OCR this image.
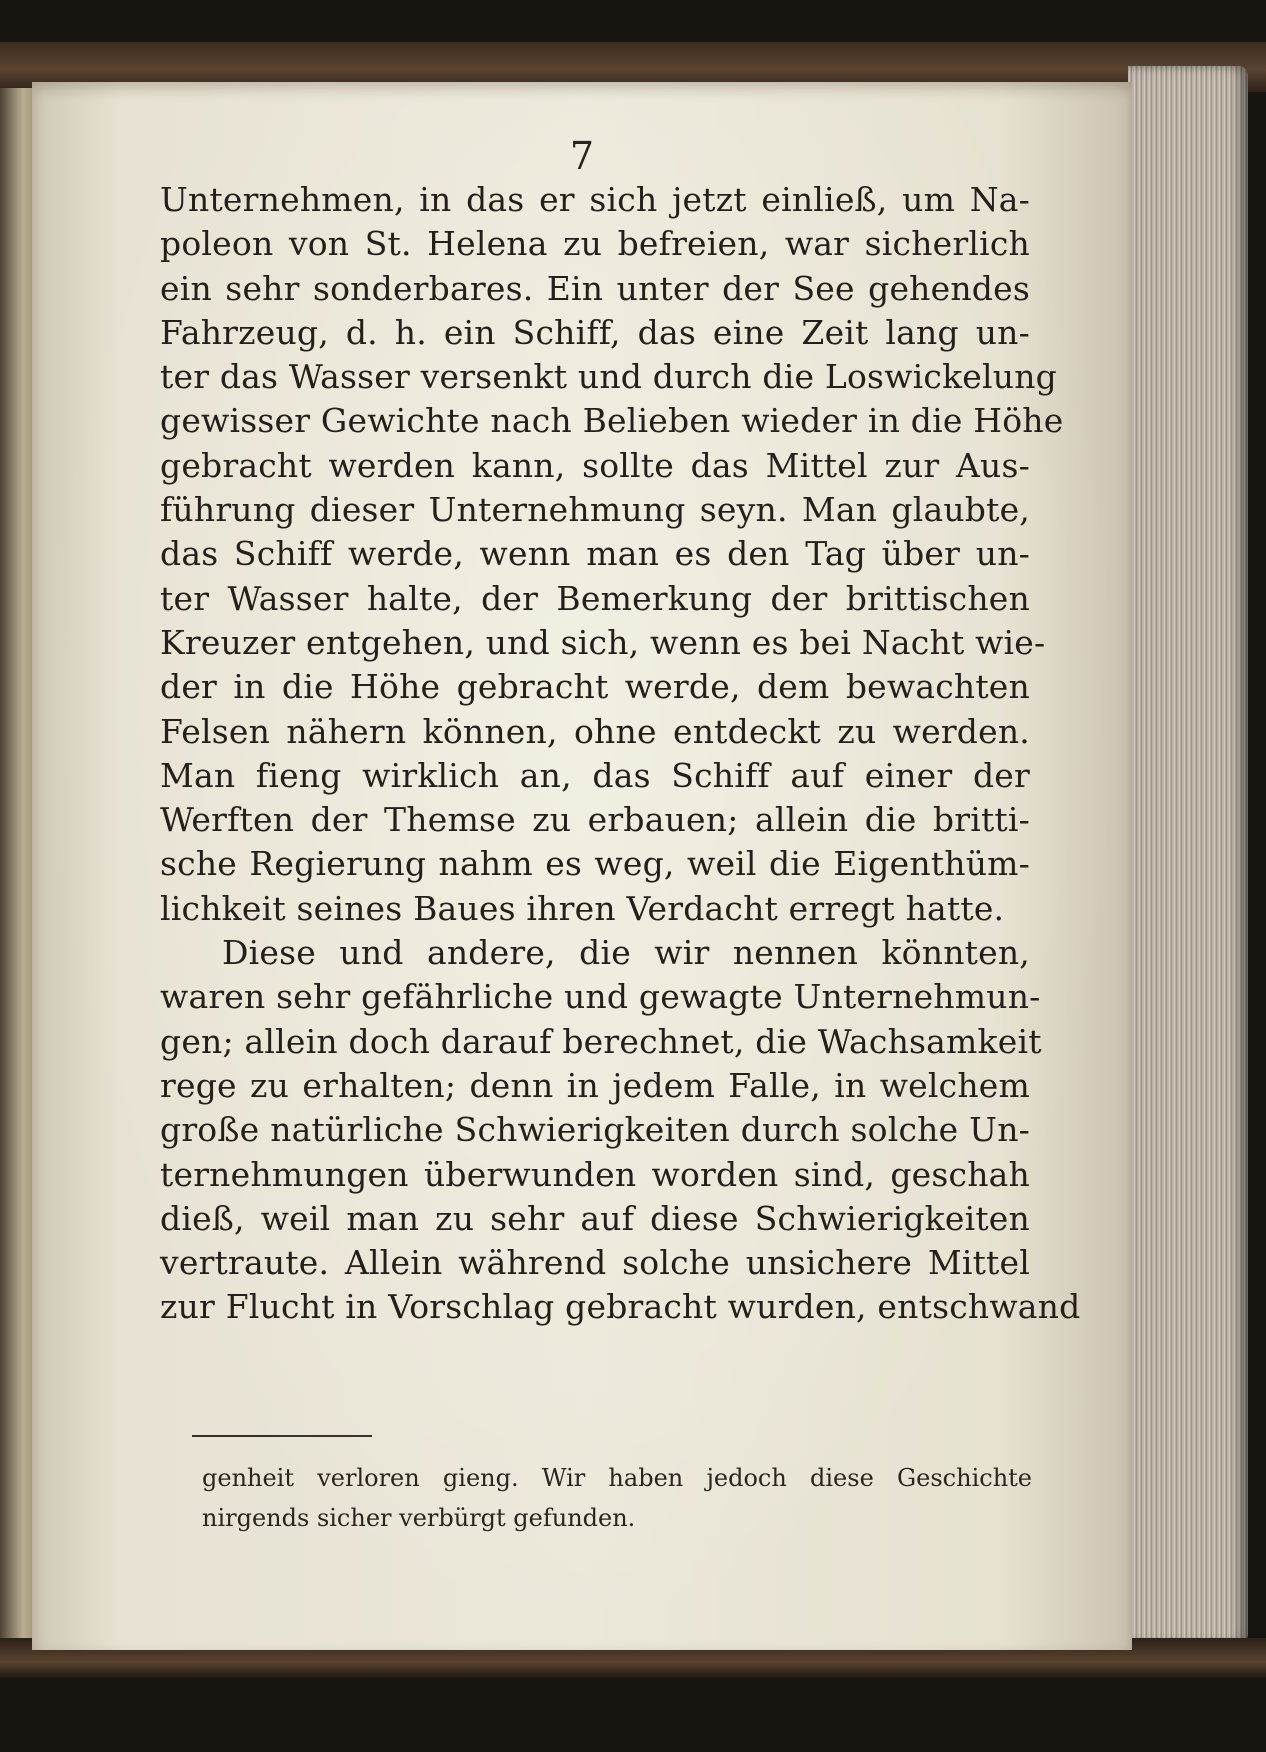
7
Unternehmen, in das er sich jetzt einließ, um Na-
poleon von St. Helena zu befreien, war sicherlich
ein sehr sonderbares. Ein unter der See gehendes
Fahrzeug, d. h. ein Schiff, das eine Zeit lang un-
ter das Wasser versenkt und durch die Loswickelung
gewisser Gewichte nach Belieben wieder in die Höhe
gebracht werden kann, sollte das Mittel zur Aus-
führung dieser Unternehmung seyn. Man glaubte,
das Schiff werde, wenn man es den Tag über un-
ter Wasser halte, der Bemerkung der brittischen
Kreuzer entgehen, und sich, wenn es bei Nacht wie-
der in die Höhe gebracht werde, dem bewachten
Felsen nähern können, ohne entdeckt zu werden.
Man fieng wirklich an, das Schiff auf einer der
Werften der Themse zu erbauen; allein die britti-
sche Regierung nahm es weg, weil die Eigenthüm-
lichkeit seines Baues ihren Verdacht erregt hatte.
Diese und andere, die wir nennen könnten,
waren sehr gefährliche und gewagte Unternehmun-
gen; allein doch darauf berechnet, die Wachsamkeit
rege zu erhalten; denn in jedem Falle, in welchem
große natürliche Schwierigkeiten durch solche Un-
ternehmungen überwunden worden sind, geschah
dieß, weil man zu sehr auf diese Schwierigkeiten
vertraute. Allein während solche unsichere Mittel
zur Flucht in Vorschlag gebracht wurden, entschwand
genheit verloren gieng. Wir haben jedoch diese Geschichte
nirgends sicher verbürgt gefunden.
